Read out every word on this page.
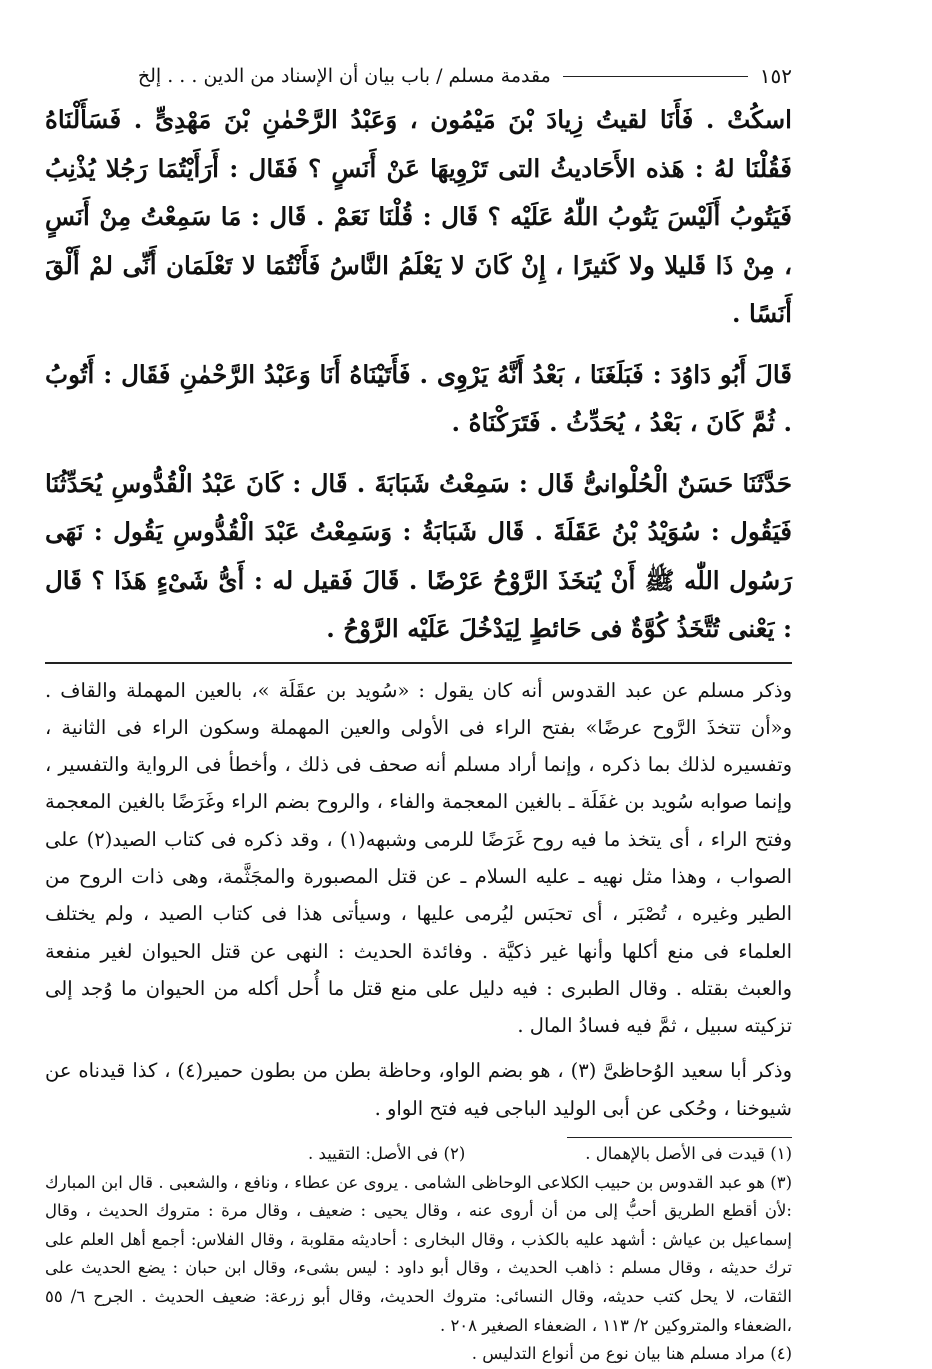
١٥٢
مقدمة مسلم / باب بيان أن الإسناد من الدين . . . إلخ

اسكُتْ . فَأَنَا لقيتُ زِيادَ بْنَ مَيْمُون ، وَعَبْدُ الرَّحْمٰنِ بْنَ مَهْدِىٍّ . فَسَأَلْنَاهُ فَقُلْنَا لهُ : هَذه الأَحَاديثُ التى تَرْوِيهَا عَنْ أَنَسٍ ؟ فَقَال : أَرَأَيْتُمَا رَجُلا يُذْنِبُ فَيَتُوبُ أَلَيْسَ يَتُوبُ اللّٰهُ عَلَيْه ؟ قَال : قُلْنَا نَعَمْ . قَال : مَا سَمِعْتُ مِنْ أَنَسٍ ، مِنْ ذَا قَليلا ولا كَثيرًا ، إِنْ كَانَ لا يَعْلَمُ النَّاسُ فَأَنْتُمَا لا تَعْلَمَان أَنِّى لمْ أَلْقَ أَنَسًا .

قَالَ أَبُو دَاوُدَ : فَبَلَغَنَا ، بَعْدُ أَنَّهُ يَرْوِى . فَأَتَيْنَاهُ أَنَا وَعَبْدُ الرَّحْمٰنِ فَقَال : أَتُوبُ . ثُمَّ كَانَ ، بَعْدُ ، يُحَدِّثُ . فَتَرَكْنَاهُ .

حَدَّثَنَا حَسَنٌ الْحُلْوانىُّ قَال : سَمِعْتُ شَبَابَةَ . قَال : كَانَ عَبْدُ الْقُدُّوسِ يُحَدِّثُنَا فَيَقُول : سُوَيْدُ بْنُ عَقَلَةَ . قَال شَبَابَةُ : وَسَمِعْتُ عَبْدَ الْقُدُّوسِ يَقُول : نَهَى رَسُول اللّٰه ﷺ أَنْ يُتخَذَ الرَّوْحُ عَرْضًا . قَالَ فَقيل له : أَىُّ شَىْءٍ هَذَا ؟ قَال : يَعْنى تُتَّخَذُ كُوَّةٌ فى حَائطٍ لِيَدْخُلَ عَلَيْه الرَّوْحُ .

وذكر مسلم عن عبد القدوس أنه كان يقول : «سُويد بن عقَلَة »، بالعين المهملة والقاف . و«أن تتخذَ الرَّوح عرضًا» بفتح الراء فى الأولى والعين المهملة وسكون الراء فى الثانية ، وتفسيره لذلك بما ذكره ، وإنما أراد مسلم أنه صحف فى ذلك ، وأخطأ فى الرواية والتفسير ، وإنما صوابه سُويد بن غفَلَة ـ بالغين المعجمة والفاء ، والروح بضم الراء وغَرَضًا بالغين المعجمة وفتح الراء ، أى يتخذ ما فيه روح غَرَضًا للرمى وشبهه(١) ، وقد ذكره فى كتاب الصيد(٢) على الصواب ، وهذا مثل نهيه ـ عليه السلام ـ عن قتل المصبورة والمجَثَّمة، وهى ذات الروح من الطير وغيره ، تُصْبَر ، أى تحبَس ليُرمى عليها ، وسيأتى هذا فى كتاب الصيد ، ولم يختلف العلماء فى منع أكلها وأنها غير ذكيَّة . وفائدة الحديث : النهى عن قتل الحيوان لغير منفعة والعبث بقتله . وقال الطبرى : فيه دليل على منع قتل ما أُحل أكله من الحيوان ما وُجد إلى تزكيته سبيل ، ثمَّ فيه فسادُ المال .

وذكر أبا سعيد الوُحاظىَّ (٣) ، هو بضم الواو، وحاظة بطن من بطون حمير(٤) ، كذا قيدناه عن شيوخنا ، وحُكى عن أبى الوليد الباجى فيه فتح الواو .

(١) قيدت فى الأصل بالإهمال .
(٢) فى الأصل: التقييد .

(٣) هو عبد القدوس بن حبيب الكلاعى الوحاظى الشامى . يروى عن عطاء ، ونافع ، والشعبى . قال ابن المبارك :لأن أقطع الطريق أحبُّ إلى من أن أروى عنه ، وقال يحيى : ضعيف ، وقال مرة : متروك الحديث ، وقال إسماعيل بن عياش : أشهد عليه بالكذب ، وقال البخارى : أحاديثه مقلوبة ، وقال الفلاس: أجمع أهل العلم على ترك حديثه ، وقال مسلم : ذاهب الحديث ، وقال أبو داود : ليس بشىء، وقال ابن حبان : يضع الحديث على الثقات، لا يحل كتب حديثه، وقال النسائى: متروك الحديث، وقال أبو زرعة: ضعيف الحديث . الجرح ٦/ ٥٥ ،الضعفاء والمتروكين ٢/ ١١٣ ، الضعفاء الصغير ٢٠٨ .

(٤) مراد مسلم هنا بيان نوع من أنواع التدليس .
